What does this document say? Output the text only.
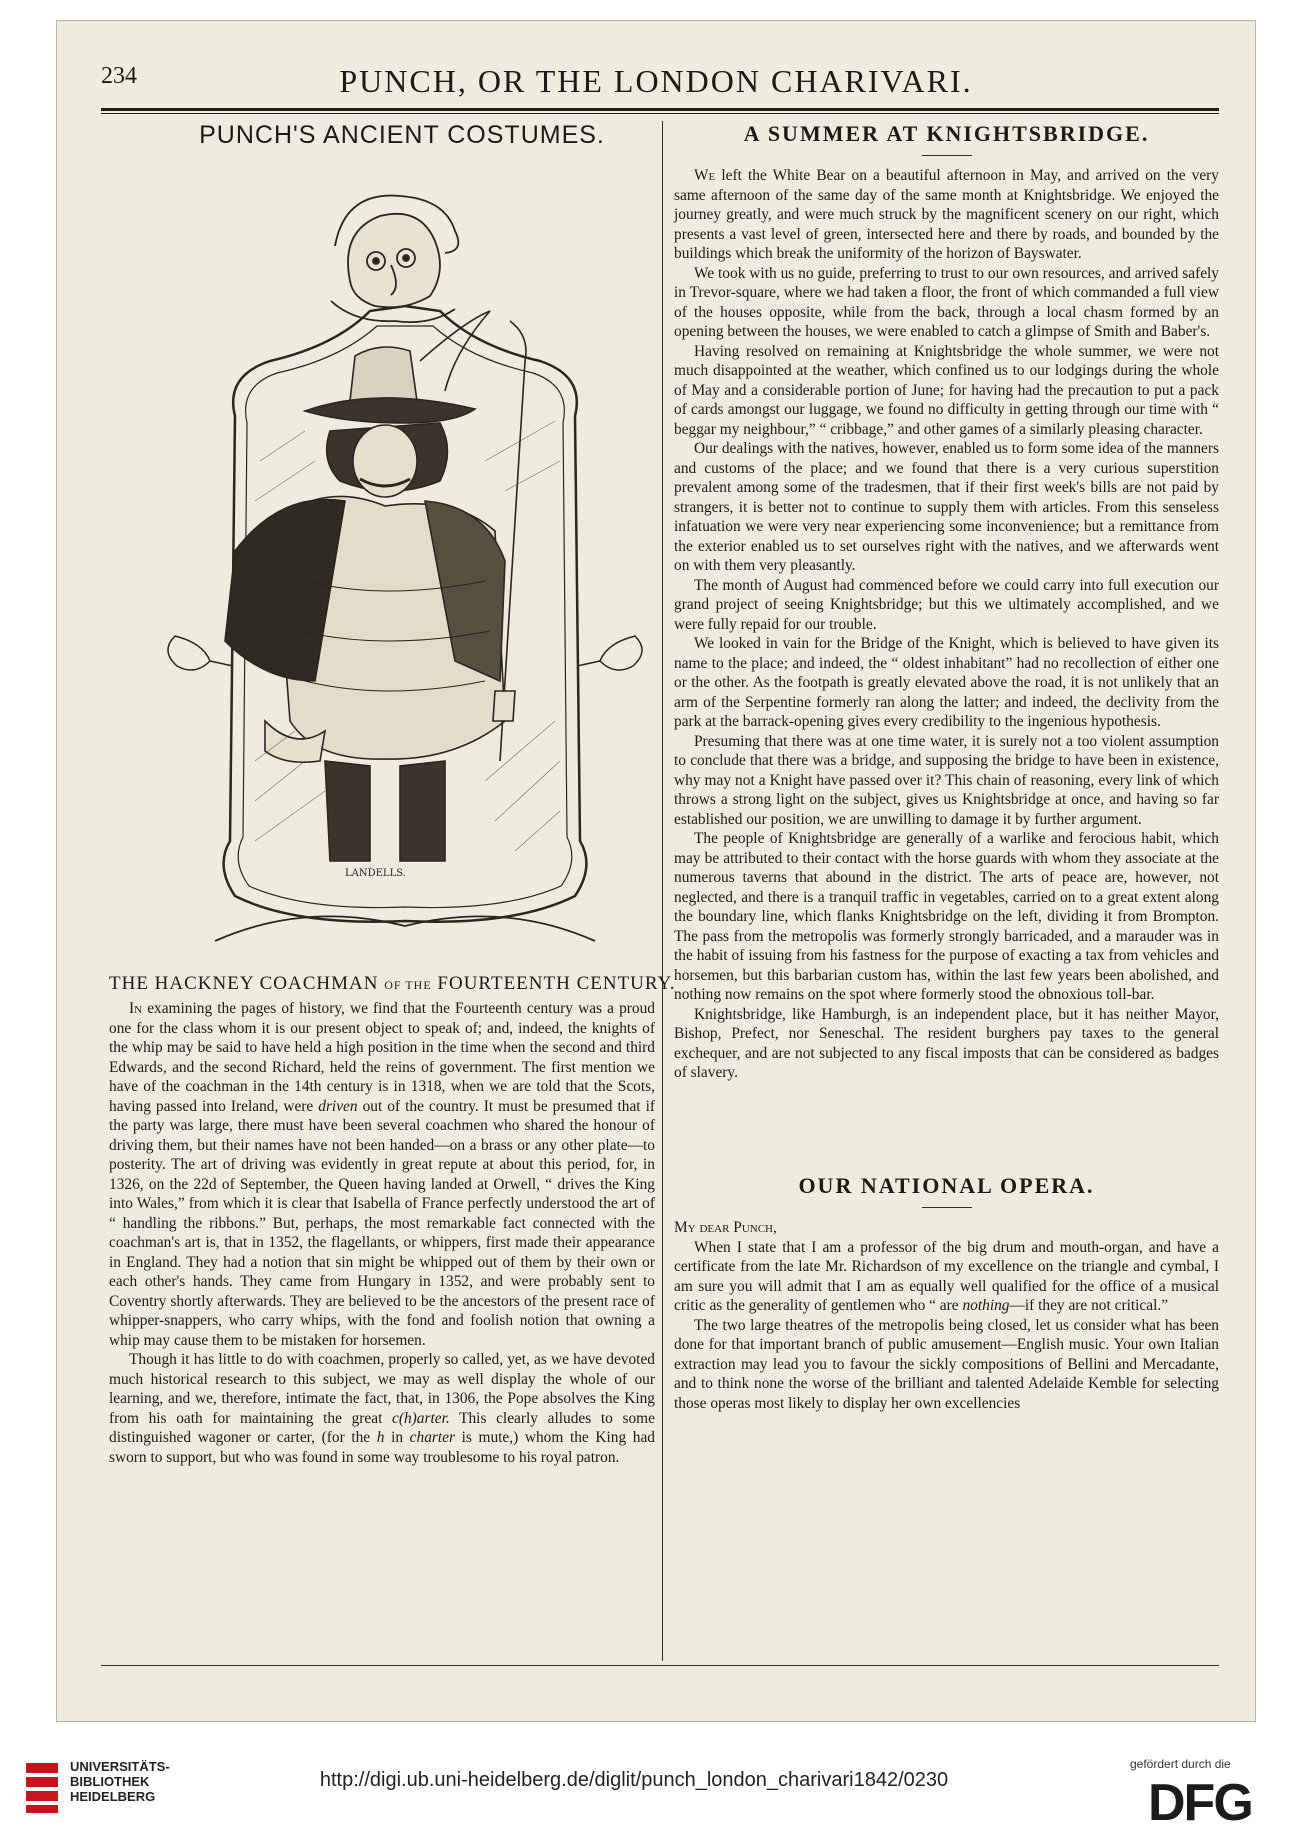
PUNCH, OR THE LONDON CHARIVARI.
234
PUNCH'S ANCIENT COSTUMES.
LANDELLS.
THE HACKNEY COACHMAN OF THE FOURTEENTH CENTURY.

In examining the pages of history, we find that the Fourteenth century was a proud one for the class whom it is our present object to speak of; and, indeed, the knights of the whip may be said to have held a high position in the time when the second and third Edwards, and the second Richard, held the reins of government. The first mention we have of the coachman in the 14th century is in 1318, when we are told that the Scots, having passed into Ireland, were driven out of the country. It must be presumed that if the party was large, there must have been several coachmen who shared the honour of driving them, but their names have not been handed—on a brass or any other plate—to posterity. The art of driving was evidently in great repute at about this period, for, in 1326, on the 22d of September, the Queen having landed at Orwell, “ drives the King into Wales,” from which it is clear that Isabella of France perfectly understood the art of “ handling the ribbons.” But, perhaps, the most remarkable fact connected with the coachman's art is, that in 1352, the flagellants, or whippers, first made their appearance in England. They had a notion that sin might be whipped out of them by their own or each other's hands. They came from Hungary in 1352, and were probably sent to Coventry shortly afterwards. They are believed to be the ancestors of the present race of whipper-snappers, who carry whips, with the fond and foolish notion that owning a whip may cause them to be mistaken for horsemen.

Though it has little to do with coachmen, properly so called, yet, as we have devoted much historical research to this subject, we may as well display the whole of our learning, and we, therefore, intimate the fact, that, in 1306, the Pope absolves the King from his oath for maintaining the great c(h)arter. This clearly alludes to some distinguished wagoner or carter, (for the h in charter is mute,) whom the King had sworn to support, but who was found in some way troublesome to his royal patron.

A SUMMER AT KNIGHTSBRIDGE.

We left the White Bear on a beautiful afternoon in May, and arrived on the very same afternoon of the same day of the same month at Knightsbridge. We enjoyed the journey greatly, and were much struck by the magnificent scenery on our right, which presents a vast level of green, intersected here and there by roads, and bounded by the buildings which break the uniformity of the horizon of Bayswater.

We took with us no guide, preferring to trust to our own resources, and arrived safely in Trevor-square, where we had taken a floor, the front of which commanded a full view of the houses opposite, while from the back, through a local chasm formed by an opening between the houses, we were enabled to catch a glimpse of Smith and Baber's.

Having resolved on remaining at Knightsbridge the whole summer, we were not much disappointed at the weather, which confined us to our lodgings during the whole of May and a considerable portion of June; for having had the precaution to put a pack of cards amongst our luggage, we found no difficulty in getting through our time with “ beggar my neighbour,” “ cribbage,” and other games of a similarly pleasing character.

Our dealings with the natives, however, enabled us to form some idea of the manners and customs of the place; and we found that there is a very curious superstition prevalent among some of the tradesmen, that if their first week's bills are not paid by strangers, it is better not to continue to supply them with articles. From this senseless infatuation we were very near experiencing some inconvenience; but a remittance from the exterior enabled us to set ourselves right with the natives, and we afterwards went on with them very pleasantly.

The month of August had commenced before we could carry into full execution our grand project of seeing Knightsbridge; but this we ultimately accomplished, and we were fully repaid for our trouble.

We looked in vain for the Bridge of the Knight, which is believed to have given its name to the place; and indeed, the “ oldest inhabitant” had no recollection of either one or the other. As the footpath is greatly elevated above the road, it is not unlikely that an arm of the Serpentine formerly ran along the latter; and indeed, the declivity from the park at the barrack-opening gives every credibility to the ingenious hypothesis.

Presuming that there was at one time water, it is surely not a too violent assumption to conclude that there was a bridge, and supposing the bridge to have been in existence, why may not a Knight have passed over it? This chain of reasoning, every link of which throws a strong light on the subject, gives us Knightsbridge at once, and having so far established our position, we are unwilling to damage it by further argument.

The people of Knightsbridge are generally of a warlike and ferocious habit, which may be attributed to their contact with the horse guards with whom they associate at the numerous taverns that abound in the district. The arts of peace are, however, not neglected, and there is a tranquil traffic in vegetables, carried on to a great extent along the boundary line, which flanks Knightsbridge on the left, dividing it from Brompton. The pass from the metropolis was formerly strongly barricaded, and a marauder was in the habit of issuing from his fastness for the purpose of exacting a tax from vehicles and horsemen, but this barbarian custom has, within the last few years been abolished, and nothing now remains on the spot where formerly stood the obnoxious toll-bar.

Knightsbridge, like Hamburgh, is an independent place, but it has neither Mayor, Bishop, Prefect, nor Seneschal. The resident burghers pay taxes to the general exchequer, and are not subjected to any fiscal imposts that can be considered as badges of slavery.

OUR NATIONAL OPERA.

My dear Punch,

When I state that I am a professor of the big drum and mouth-organ, and have a certificate from the late Mr. Richardson of my excellence on the triangle and cymbal, I am sure you will admit that I am as equally well qualified for the office of a musical critic as the generality of gentlemen who “ are nothing—if they are not critical.”

The two large theatres of the metropolis being closed, let us consider what has been done for that important branch of public amusement—English music. Your own Italian extraction may lead you to favour the sickly compositions of Bellini and Mercadante, and to think none the worse of the brilliant and talented Adelaide Kemble for selecting those operas most likely to display her own excellencies

UNIVERSITÄTS-
BIBLIOTHEK
HEIDELBERG
http://digi.ub.uni-heidelberg.de/diglit/punch_london_charivari1842/0230
gefördert durch die
DFG
